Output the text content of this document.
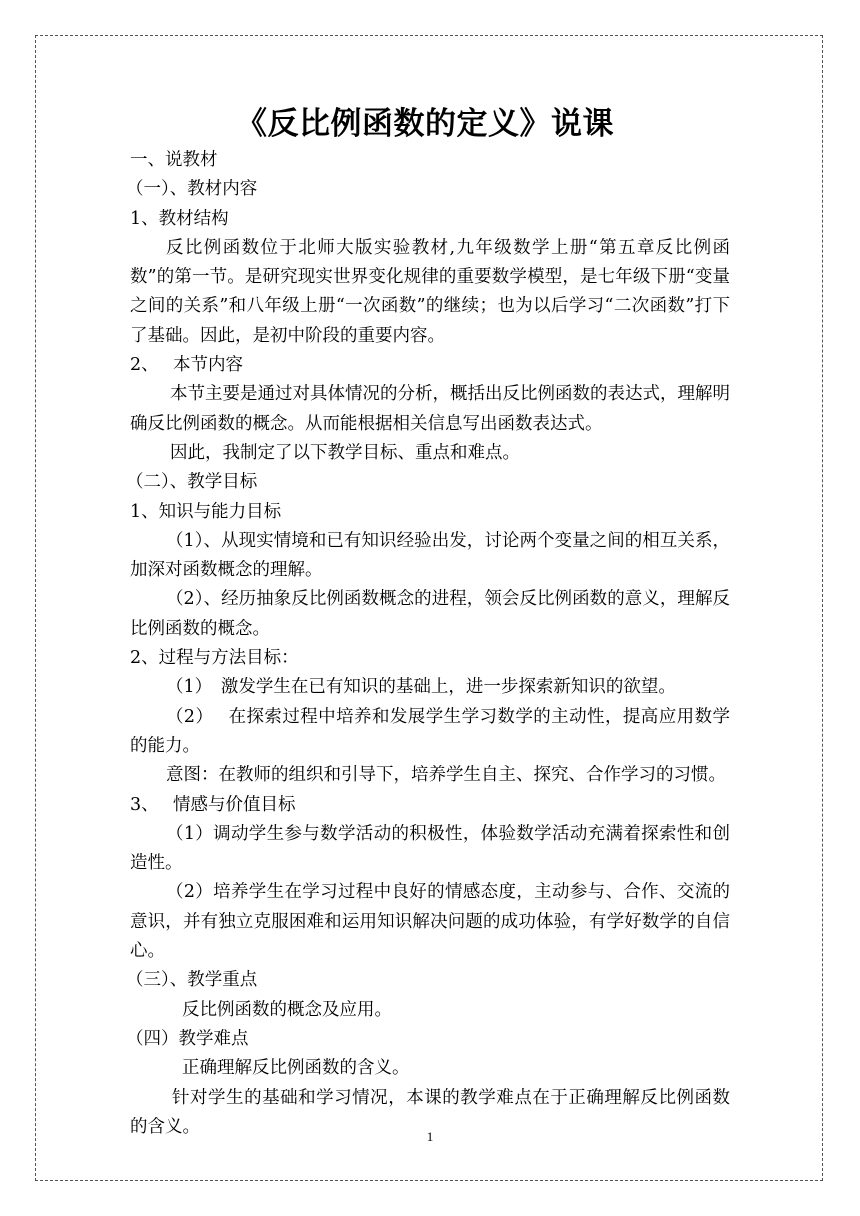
《反比例函数的定义》说课
一、说教材
（一）、教材内容
1、教材结构
反比例函数位于北师大版实验教材,九年级数学上册“第五章反比例函数”的第一节。是研究现实世界变化规律的重要数学模型，是七年级下册“变量之间的关系”和八年级上册“一次函数”的继续；也为以后学习“二次函数”打下了基础。因此，是初中阶段的重要内容。
2、　 本节内容
本节主要是通过对具体情况的分析，概括出反比例函数的表达式，理解明确反比例函数的概念。从而能根据相关信息写出函数表达式。
因此，我制定了以下教学目标、重点和难点。
（二）、教学目标
1、知识与能力目标
（1）、从现实情境和已有知识经验出发，讨论两个变量之间的相互关系，加深对函数概念的理解。
（2）、经历抽象反比例函数概念的进程，领会反比例函数的意义，理解反比例函数的概念。
2、过程与方法目标：
（1）　激发学生在已有知识的基础上，进一步探索新知识的欲望。
（2）　 在探索过程中培养和发展学生学习数学的主动性，提高应用数学的能力。
意图：在教师的组织和引导下，培养学生自主、探究、合作学习的习惯。
3、　 情感与价值目标
（1）调动学生参与数学活动的积极性，体验数学活动充满着探索性和创造性。
（2）培养学生在学习过程中良好的情感态度，主动参与、合作、交流的意识，并有独立克服困难和运用知识解决问题的成功体验，有学好数学的自信心。
（三）、教学重点
反比例函数的概念及应用。
（四）教学难点
正确理解反比例函数的含义。
针对学生的基础和学习情况，本课的教学难点在于正确理解反比例函数的含义。	1
